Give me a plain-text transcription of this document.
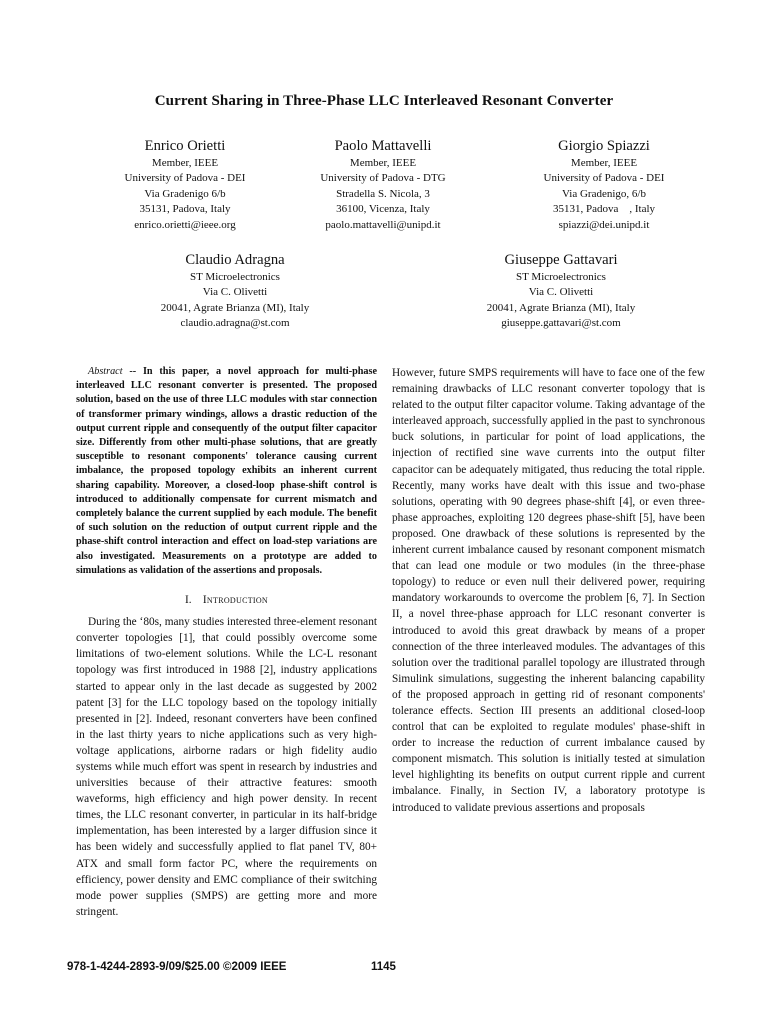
Current Sharing in Three-Phase LLC Interleaved Resonant Converter
Enrico Orietti
Member, IEEE
University of Padova - DEI
Via Gradenigo 6/b
35131, Padova, Italy
enrico.orietti@ieee.org
Paolo Mattavelli
Member, IEEE
University of Padova - DTG
Stradella S. Nicola, 3
36100, Vicenza, Italy
paolo.mattavelli@unipd.it
Giorgio Spiazzi
Member, IEEE
University of Padova - DEI
Via Gradenigo, 6/b
35131, Padova    , Italy
spiazzi@dei.unipd.it
Claudio Adragna
ST Microelectronics
Via C. Olivetti
20041, Agrate Brianza (MI), Italy
claudio.adragna@st.com
Giuseppe Gattavari
ST Microelectronics
Via C. Olivetti
20041, Agrate Brianza (MI), Italy
giuseppe.gattavari@st.com

Abstract -- In this paper, a novel approach for multi-phase interleaved LLC resonant converter is presented. The proposed solution, based on the use of three LLC modules with star connection of transformer primary windings, allows a drastic reduction of the output current ripple and consequently of the output filter capacitor size. Differently from other multi-phase solutions, that are greatly susceptible to resonant components' tolerance causing current imbalance, the proposed topology exhibits an inherent current sharing capability. Moreover, a closed-loop phase-shift control is introduced to additionally compensate for current mismatch and completely balance the current supplied by each module. The benefit of such solution on the reduction of output current ripple and the phase-shift control interaction and effect on load-step variations are also investigated. Measurements on a prototype are added to simulations as validation of the assertions and proposals.

I. Introduction

During the ‘80s, many studies interested three-element resonant converter topologies [1], that could possibly overcome some limitations of two-element solutions. While the LC-L resonant topology was first introduced in 1988 [2], industry applications started to appear only in the last decade as suggested by 2002 patent [3] for the LLC topology based on the topology initially presented in [2]. Indeed, resonant converters have been confined in the last thirty years to niche applications such as very high-voltage applications, airborne radars or high fidelity audio systems while much effort was spent in research by industries and universities because of their attractive features: smooth waveforms, high efficiency and high power density. In recent times, the LLC resonant converter, in particular in its half-bridge implementation, has been interested by a larger diffusion since it has been widely and successfully applied to flat panel TV, 80+ ATX and small form factor PC, where the requirements on efficiency, power density and EMC compliance of their switching mode power supplies (SMPS) are getting more and more stringent.

However, future SMPS requirements will have to face one of the few remaining drawbacks of LLC resonant converter topology that is related to the output filter capacitor volume. Taking advantage of the interleaved approach, successfully applied in the past to synchronous buck solutions, in particular for point of load applications, the injection of rectified sine wave currents into the output filter capacitor can be adequately mitigated, thus reducing the total ripple. Recently, many works have dealt with this issue and two-phase solutions, operating with 90 degrees phase-shift [4], or even three-phase approaches, exploiting 120 degrees phase-shift [5], have been proposed. One drawback of these solutions is represented by the inherent current imbalance caused by resonant component mismatch that can lead one module or two modules (in the three-phase topology) to reduce or even null their delivered power, requiring mandatory workarounds to overcome the problem [6, 7]. In Section II, a novel three-phase approach for LLC resonant converter is introduced to avoid this great drawback by means of a proper connection of the three interleaved modules. The advantages of this solution over the traditional parallel topology are illustrated through Simulink simulations, suggesting the inherent balancing capability of the proposed approach in getting rid of resonant components' tolerance effects. Section III presents an additional closed-loop control that can be exploited to regulate modules' phase-shift in order to increase the reduction of current imbalance caused by component mismatch. This solution is initially tested at simulation level highlighting its benefits on output current ripple and current imbalance. Finally, in Section IV, a laboratory prototype is introduced to validate previous assertions and proposals

978-1-4244-2893-9/09/$25.00 ©2009 IEEE	1145
